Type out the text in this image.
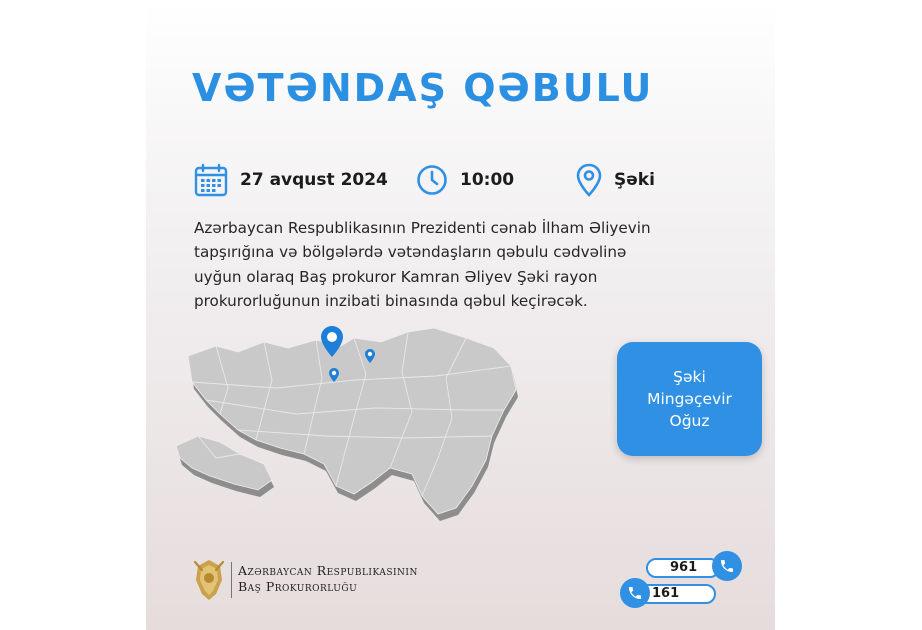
VƏTƏNDAŞ QƏBULU
27 avqust 2024	10:00	Şəki
Azərbaycan Respublikasının Prezidenti cənab İlham Əliyevin
tapşırığına və bölgələrdə vətəndaşların qəbulu cədvəlinə
uyğun olaraq Baş prokuror Kamran Əliyev Şəki rayon
prokurorluğunun inzibati binasında qəbul keçirəcək.
Şəki
Mingəçevir
Oğuz
Azərbaycan Respublikasının
Baş Prokurorluğu
961
161
